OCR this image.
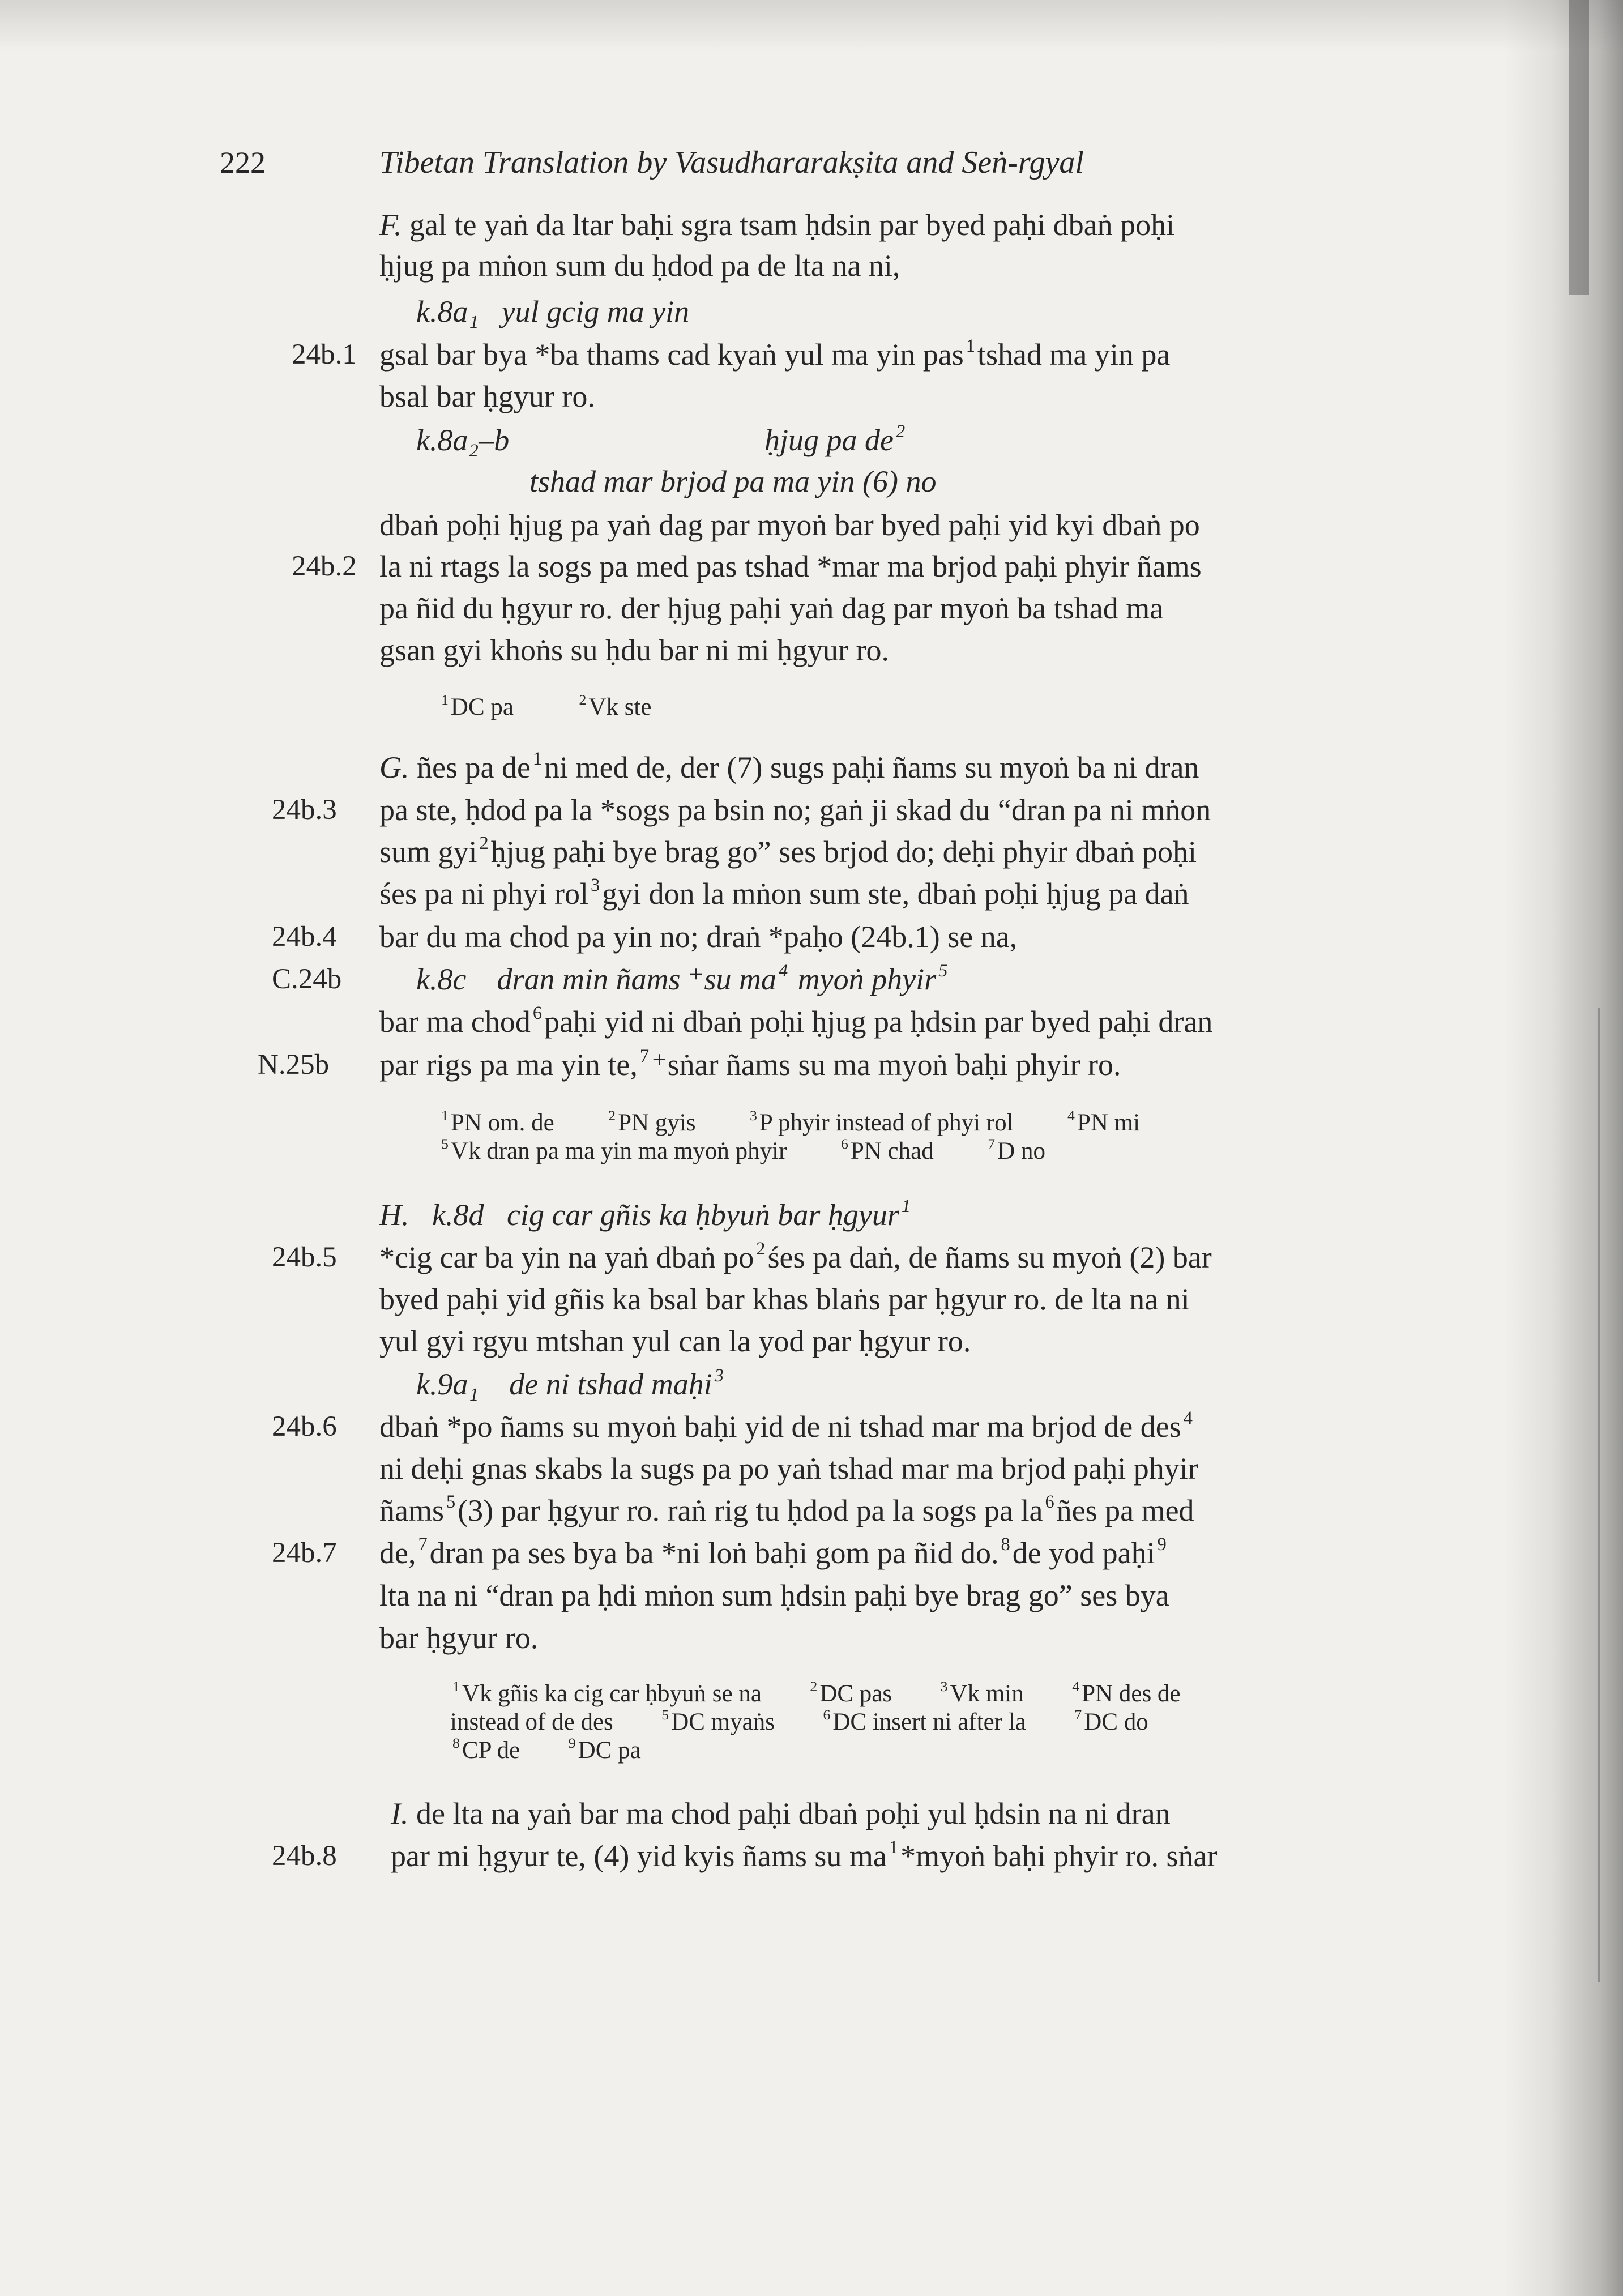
222	Tibetan Translation by Vasudhararakṣita and Seṅ-rgyal
F. gal te yaṅ da ltar baḥi sgra tsam ḥdsin par byed paḥi dbaṅ poḥi
ḥjug pa mṅon sum du ḥdod pa de lta na ni,
k.8a₁ yul gcig ma yin
24b.1 gsal bar bya *ba thams cad kyaṅ yul ma yin pas $^1$tshad ma yin pa
bsal bar ḥgyur ro.
k.8a₂–b	ḥjug pa de $^2$
tshad mar brjod pa ma yin (6) no
dbaṅ poḥi ḥjug pa yaṅ dag par myoṅ bar byed paḥi yid kyi dbaṅ po
24b.2 la ni rtags la sogs pa med pas tshad *mar ma brjod paḥi phyir ñams
pa ñid du ḥgyur ro. der ḥjug paḥi yaṅ dag par myoṅ ba tshad ma
gsan gyi khoṅs su ḥdu bar ni mi ḥgyur ro.
$^1$DC pa	$^2$Vk ste
G. ñes pa de $^1$ni med de, der (7) sugs paḥi ñams su myoṅ ba ni dran
24b.3 pa ste, ḥdod pa la *sogs pa bsin no; gaṅ ji skad du “dran pa ni mṅon
sum gyi $^2$ḥjug paḥi bye brag go” ses brjod do; deḥi phyir dbaṅ poḥi
śes pa ni phyi rol $^3$gyi don la mṅon sum ste, dbaṅ poḥi ḥjug pa daṅ
24b.4 bar du ma chod pa yin no; draṅ *paḥo (24b.1) se na,
C.24b k.8c dran min ñams ⁺su ma $^4$ myoṅ phyir $^5$
bar ma chod $^6$paḥi yid ni dbaṅ poḥi ḥjug pa ḥdsin par byed paḥi dran
N.25b par rigs pa ma yin te, $^7$⁺sṅar ñams su ma myoṅ baḥi phyir ro.
$^1$PN om. de	$^2$PN gyis	$^3$P phyir instead of phyi rol	$^4$PN mi
$^5$Vk dran pa ma yin ma myoṅ phyir	$^6$PN chad	$^7$D no
H. k.8d cig car gñis ka ḥbyuṅ bar ḥgyur $^1$
24b.5 *cig car ba yin na yaṅ dbaṅ po $^2$śes pa daṅ, de ñams su myoṅ (2) bar
byed paḥi yid gñis ka bsal bar khas blaṅs par ḥgyur ro. de lta na ni
yul gyi rgyu mtshan yul can la yod par ḥgyur ro.
k.9a₁ de ni tshad maḥi $^3$
24b.6 dbaṅ *po ñams su myoṅ baḥi yid de ni tshad mar ma brjod de des $^4$
ni deḥi gnas skabs la sugs pa po yaṅ tshad mar ma brjod paḥi phyir
ñams $^5$(3) par ḥgyur ro. raṅ rig tu ḥdod pa la sogs pa la $^6$ñes pa med
24b.7 de, $^7$dran pa ses bya ba *ni loṅ baḥi gom pa ñid do. $^8$de yod paḥi $^9$
lta na ni “dran pa ḥdi mṅon sum ḥdsin paḥi bye brag go” ses bya
bar ḥgyur ro.
$^1$Vk gñis ka cig car ḥbyuṅ se na	$^2$DC pas	$^3$Vk min	$^4$PN des de
instead of de des	$^5$DC myaṅs	$^6$DC insert ni after la	$^7$DC do
$^8$CP de	$^9$DC pa
I. de lta na yaṅ bar ma chod paḥi dbaṅ poḥi yul ḥdsin na ni dran
24b.8 par mi ḥgyur te, (4) yid kyis ñams su ma $^1$*myoṅ baḥi phyir ro. sṅar
